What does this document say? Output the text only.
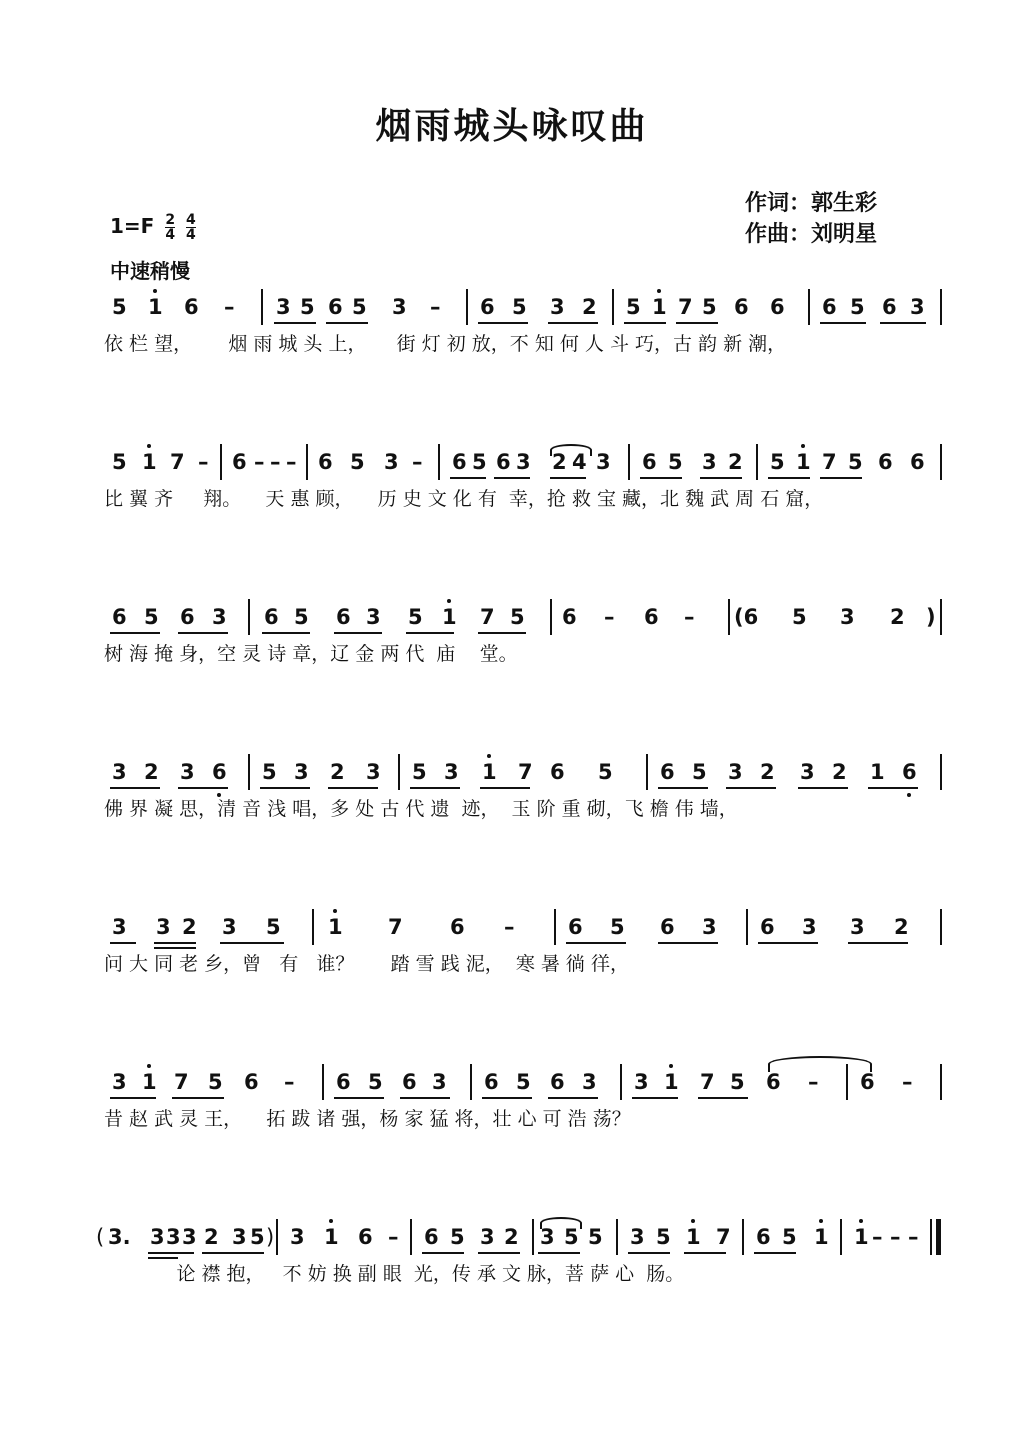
烟雨城头咏叹曲
作词：郭生彩
作曲：刘明星
$1=F \frac{2}{4}$
$\frac{4}{4}$
中速稍慢
5 1 6 – 3 5 6 5 3 – 6 5 3 2 5 1 7 5 6 6 6 5 6 3
依 栏 望，      烟 雨 城 头 上，     街 灯 初 放，不 知 何 人 斗 巧，古 韵 新 潮，
5 1 7 – 6 – – – 6 5 3 – 6 5 6 3 2 4 3 6 5 3 2 5 1 7 5 6 6
比 翼 齐     翔。    天 惠 顾，    历 史 文 化 有  幸，抢 救 宝 藏，北 魏 武 周 石 窟，
6 5 6 3 6 5 6 3 5 1 7 5 6 – 6 – (6 5 3 2 )
树 海 掩 身，空 灵 诗 章，辽 金 两 代  庙    堂。
3 2 3 6 5 3 2 3 5 3 1 7 6 5 6 5 3 2 3 2 1 6
佛 界 凝 思，清 音 浅 唱，多 处 古 代 遗  迹，  玉 阶 重 砌，飞 檐 伟 墙，
3 3 2 3 5 1 7 6 –	6 5 6 3 6 3 3 2
问 大 同 老 乡，曾   有   谁？      踏 雪 践 泥，  寒 暑 徜 徉，
3 1 7 5 6 – 6 5 6 3 6 5 6 3 3 1 7 5 6 – 6 –
昔 赵 武 灵 王，    拓 跋 诸 强，杨 家 猛 将，壮 心 可 浩 荡？
( 3. 3 3 3 2 3 5 ) 3 1 6 – 6 5 3 2 3 5 5 3 5 1 7 6 5 1 1 – – –
论 襟 抱，   不 妨 换 副 眼  光，传 承 文 脉，菩 萨 心  肠。
